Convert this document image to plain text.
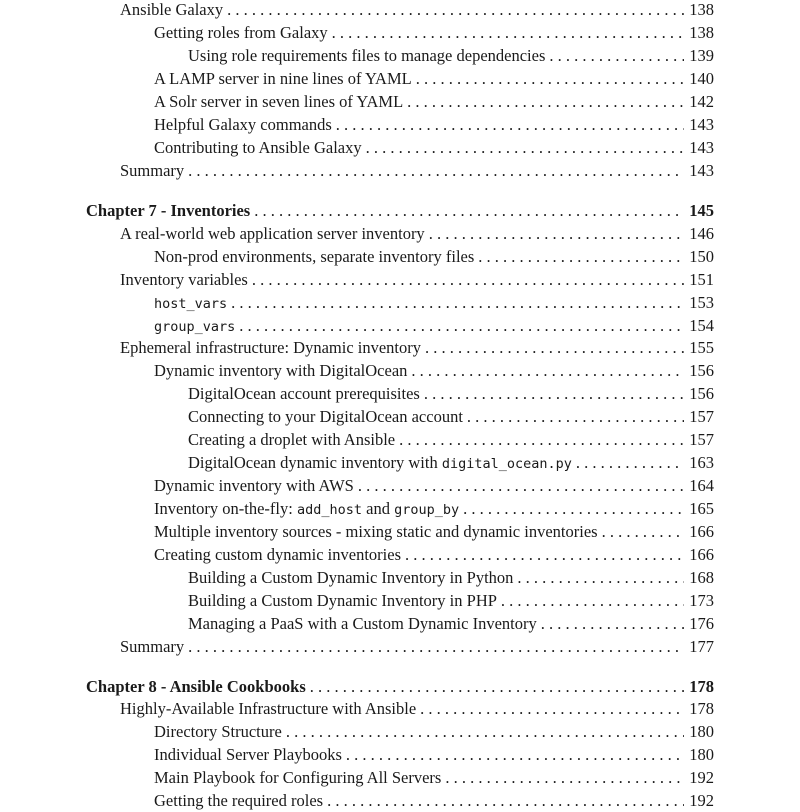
Ansible Galaxy . . .	138
Getting roles from Galaxy . . .	138
Using role requirements files to manage dependencies . . .	139
A LAMP server in nine lines of YAML . . .	140
A Solr server in seven lines of YAML . . .	142
Helpful Galaxy commands . . .	143
Contributing to Ansible Galaxy . . .	143
Summary . . .	143
Chapter 7 - Inventories . . .	145
A real-world web application server inventory . . .	146
Non-prod environments, separate inventory files . . .	150
Inventory variables . . .	151
host_vars . . .	153
group_vars . . .	154
Ephemeral infrastructure: Dynamic inventory . . .	155
Dynamic inventory with DigitalOcean . . .	156
DigitalOcean account prerequisites . . .	156
Connecting to your DigitalOcean account . . .	157
Creating a droplet with Ansible . . .	157
DigitalOcean dynamic inventory with digital_ocean.py . . .	163
Dynamic inventory with AWS . . .	164
Inventory on-the-fly: add_host and group_by . . .	165
Multiple inventory sources - mixing static and dynamic inventories . . .	166
Creating custom dynamic inventories . . .	166
Building a Custom Dynamic Inventory in Python . . .	168
Building a Custom Dynamic Inventory in PHP . . .	173
Managing a PaaS with a Custom Dynamic Inventory . . .	176
Summary . . .	177
Chapter 8 - Ansible Cookbooks . . .	178
Highly-Available Infrastructure with Ansible . . .	178
Directory Structure . . .	180
Individual Server Playbooks . . .	180
Main Playbook for Configuring All Servers . . .	192
Getting the required roles . . .	192
